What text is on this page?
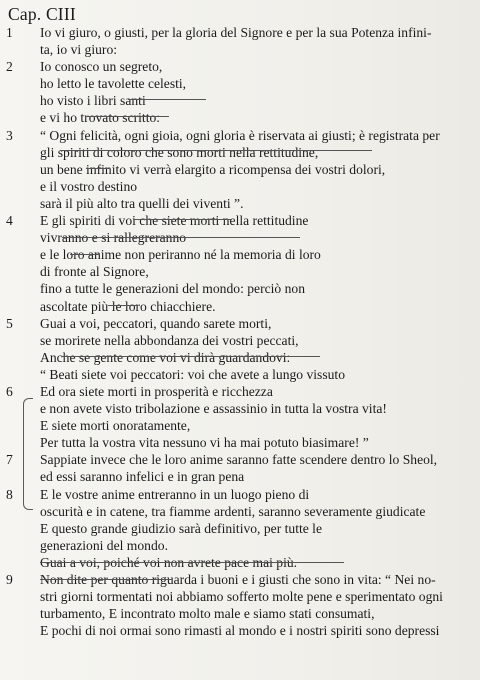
Cap. CIII
1	Io vi giuro, o giusti, per la gloria del Signore e per la sua Potenza infini-
ta, io vi giuro:
2	Io conosco un segreto,
ho letto le tavolette celesti,
ho visto i libri santi
e vi ho trovato scritto:
3	“ Ogni felicità, ogni gioia, ogni gloria è riservata ai giusti; è registrata per
gli spiriti di coloro che sono morti nella rettitudine,
un bene infinito vi verrà elargito a ricompensa dei vostri dolori,
e il vostro destino
sarà il più alto tra quelli dei viventi ”.
4	E gli spiriti di voi che siete morti nella rettitudine
vivranno e si rallegreranno
e le loro anime non periranno né la memoria di loro
di fronte al Signore,
fino a tutte le generazioni del mondo: perciò non
ascoltate più le loro chiacchiere.
5	Guai a voi, peccatori, quando sarete morti,
se morirete nella abbondanza dei vostri peccati,
Anche se gente come voi vi dirà guardandovi:
“ Beati siete voi peccatori: voi che avete a lungo vissuto
6	Ed ora siete morti in prosperità e ricchezza
e non avete visto tribolazione e assassinio in tutta la vostra vita!
E siete morti onoratamente,
Per tutta la vostra vita nessuno vi ha mai potuto biasimare! ”
7	Sappiate invece che le loro anime saranno fatte scendere dentro lo Sheol,
ed essi saranno infelici e in gran pena
8	E le vostre anime entreranno in un luogo pieno di
oscurità e in catene, tra fiamme ardenti, saranno severamente giudicate
E questo grande giudizio sarà definitivo, per tutte le
generazioni del mondo.
Guai a voi, poiché voi non avrete pace mai più.
9	Non dite per quanto riguarda i buoni e i giusti che sono in vita: “ Nei no-
stri giorni tormentati noi abbiamo sofferto molte pene e sperimentato ogni
turbamento, E incontrato molto male e siamo stati consumati,
E pochi di noi ormai sono rimasti al mondo e i nostri spiriti sono depressi
